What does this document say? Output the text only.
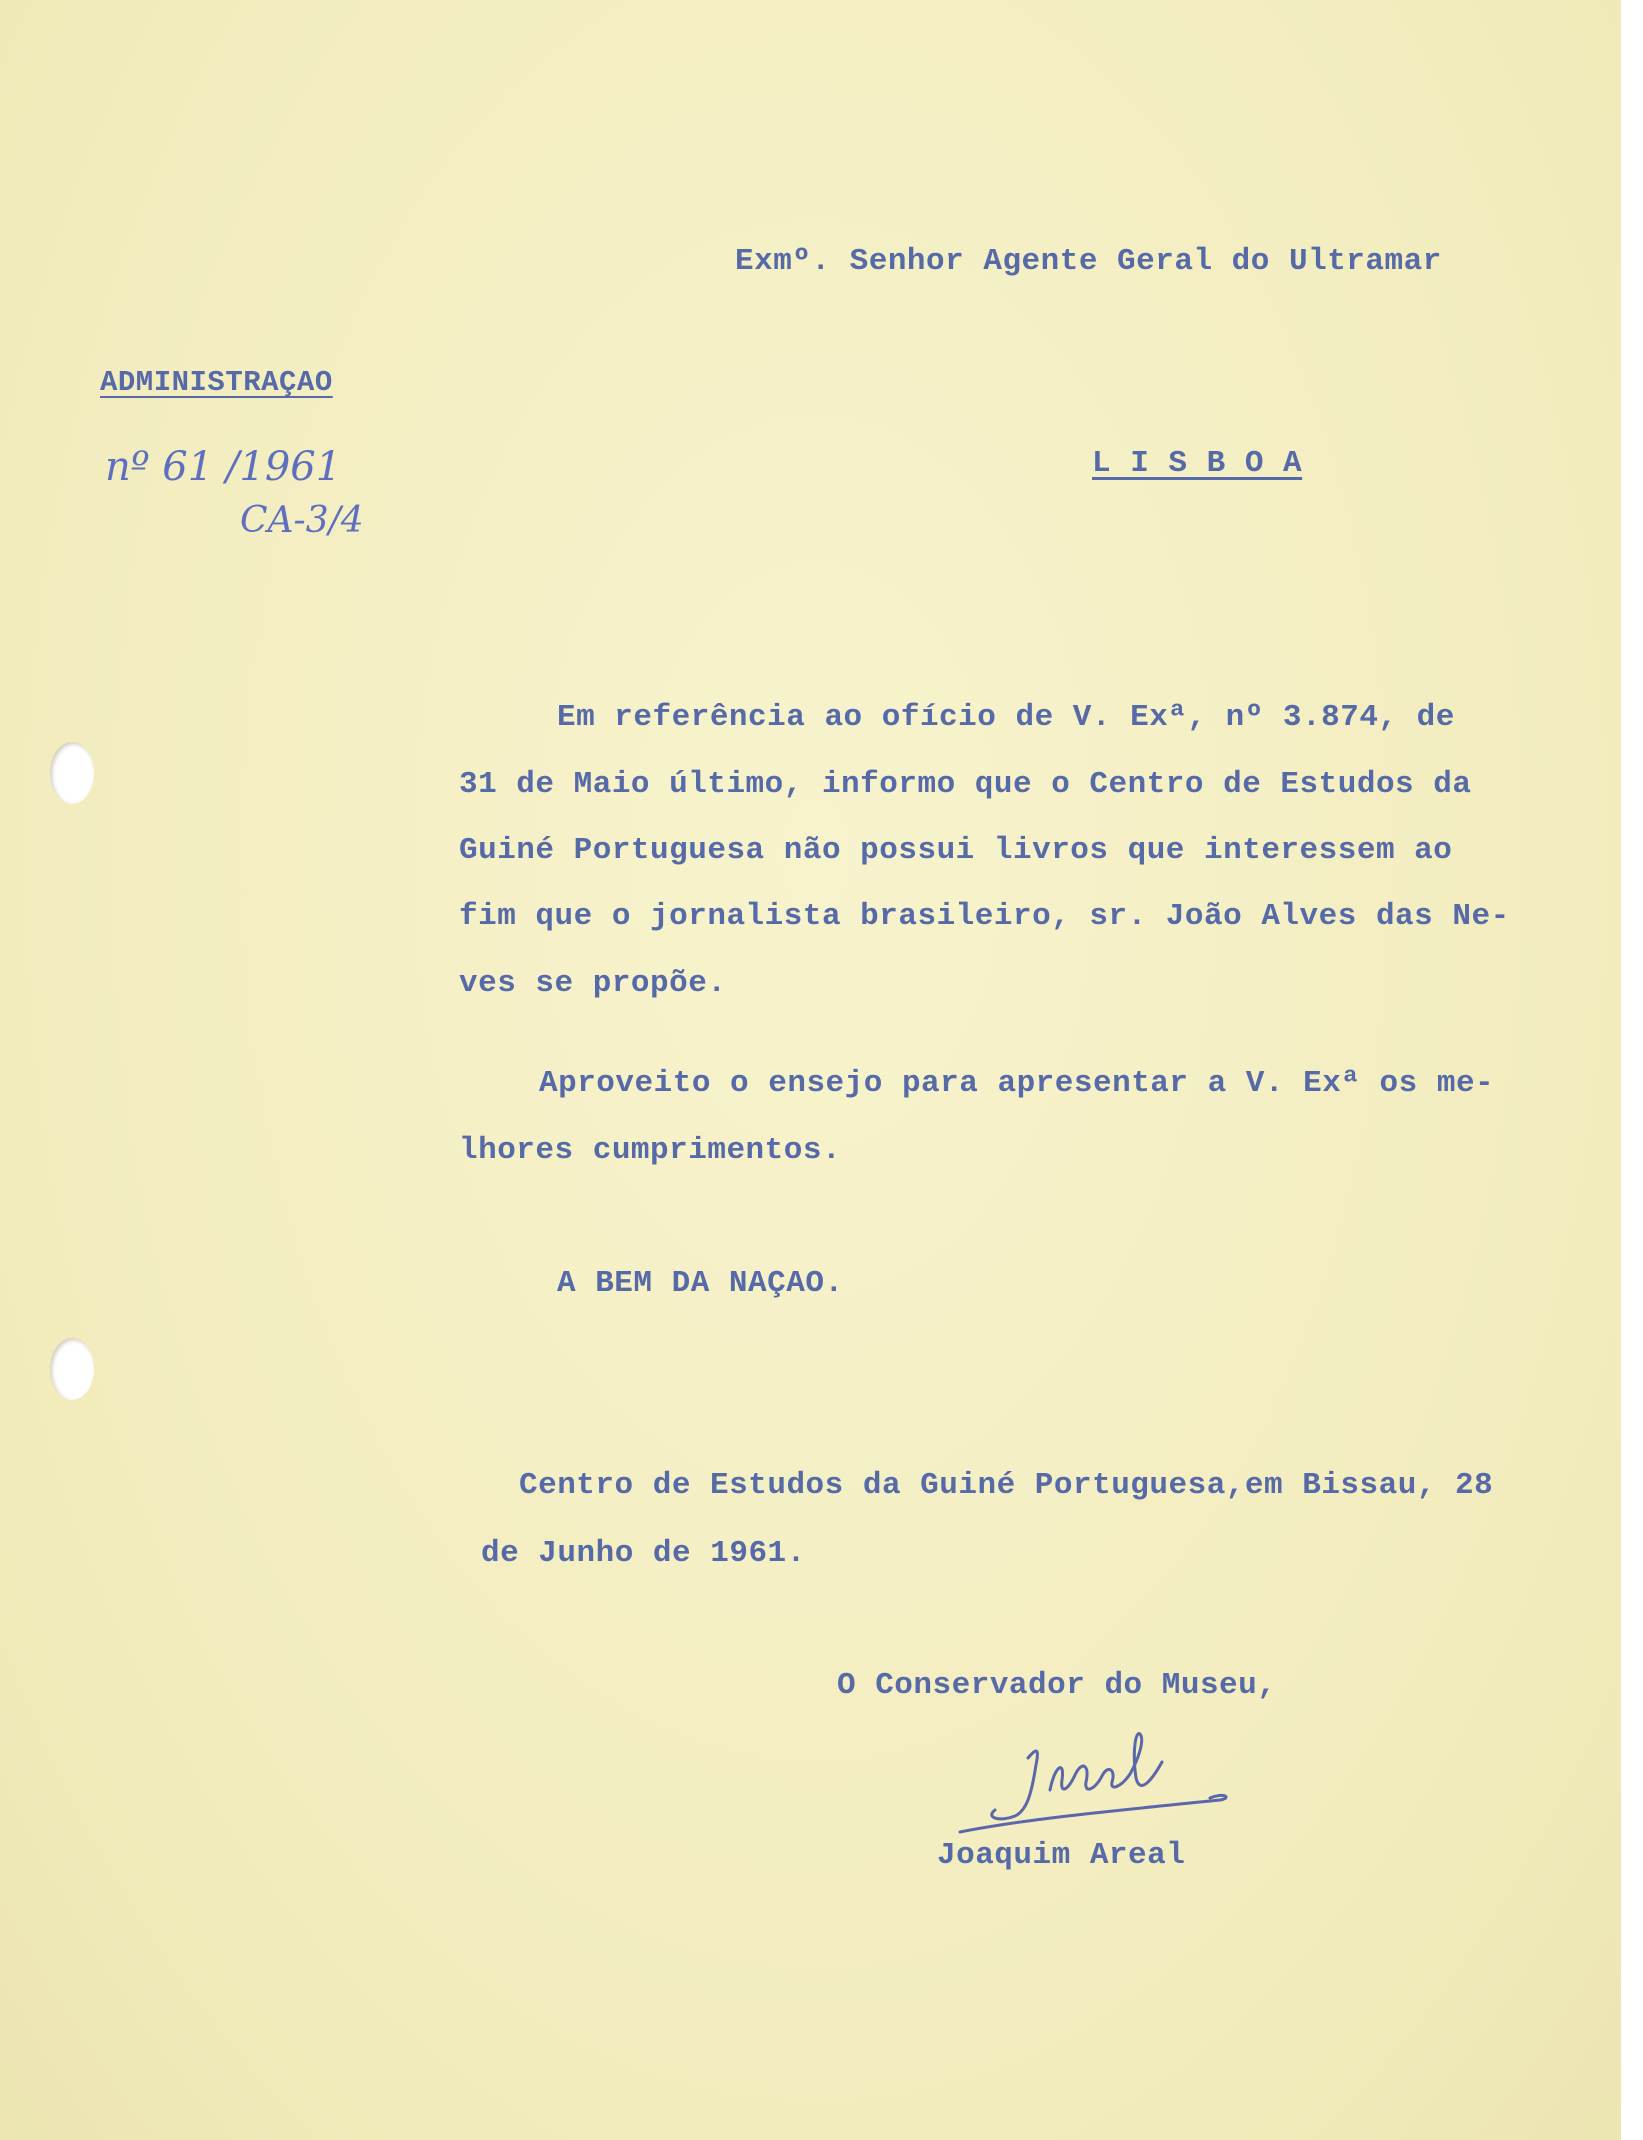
Exmº. Senhor Agente Geral do Ultramar
ADMINISTRAÇAO
nº 61 /1961
CA-3/4
L I S B O A
Em referência ao ofício de V. Exª, nº 3.874, de
31 de Maio último, informo que o Centro de Estudos da
Guiné Portuguesa não possui livros que interessem ao
fim que o jornalista brasileiro, sr. João Alves das Ne-
ves se propõe.
Aproveito o ensejo para apresentar a V. Exª os me-
lhores cumprimentos.
A BEM DA NAÇAO.
Centro de Estudos da Guiné Portuguesa,em Bissau, 28
de Junho de 1961.
O Conservador do Museu,
Joaquim Areal
